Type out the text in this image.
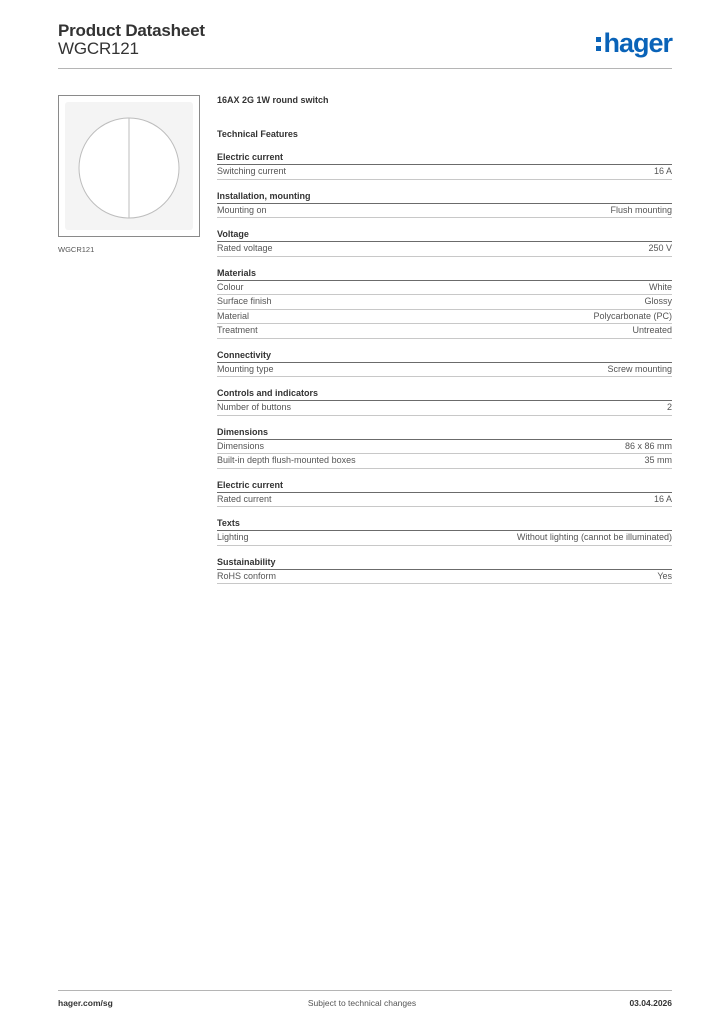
Product Datasheet
WGCR121	hager
WGCR121
16AX 2G 1W round switch
Technical Features
Electric current
Switching current	16 A
Installation, mounting
Mounting on	Flush mounting
Voltage
Rated voltage	250 V
Materials
Colour	White
Surface finish	Glossy
Material	Polycarbonate (PC)
Treatment	Untreated
Connectivity
Mounting type	Screw mounting
Controls and indicators
Number of buttons	2
Dimensions
Dimensions	86 x 86 mm
Built-in depth flush-mounted boxes	35 mm
Electric current
Rated current	16 A
Texts
Lighting	Without lighting (cannot be illuminated)
Sustainability
RoHS conform	Yes
hager.com/sg	Subject to technical changes	03.04.2026
